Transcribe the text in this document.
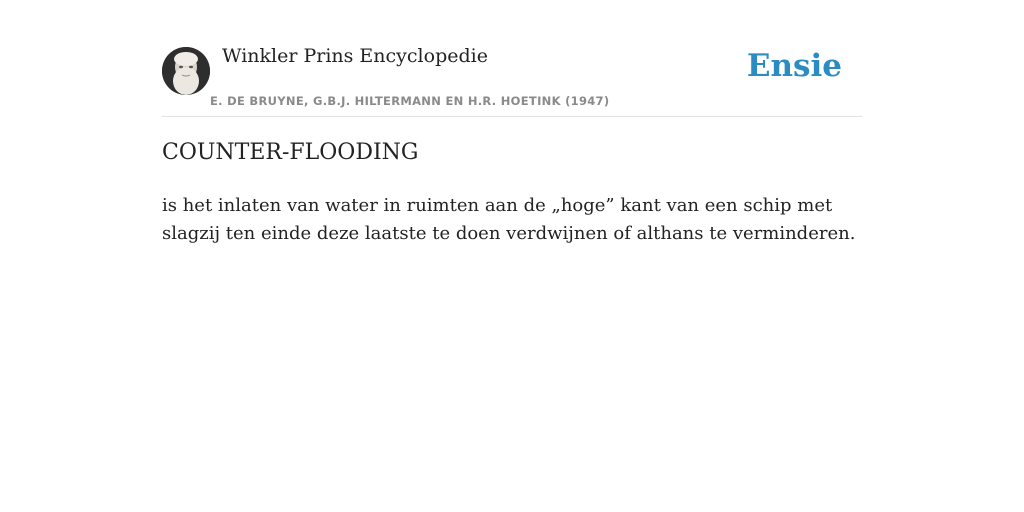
Winkler Prins Encyclopedie
E. DE BRUYNE, G.B.J. HILTERMANN EN H.R. HOETINK (1947)
Ensie
COUNTER-FLOODING

is het inlaten van water in ruimten aan de „hoge” kant van een schip met slagzij ten einde deze laatste te doen verdwijnen of althans te verminderen.
